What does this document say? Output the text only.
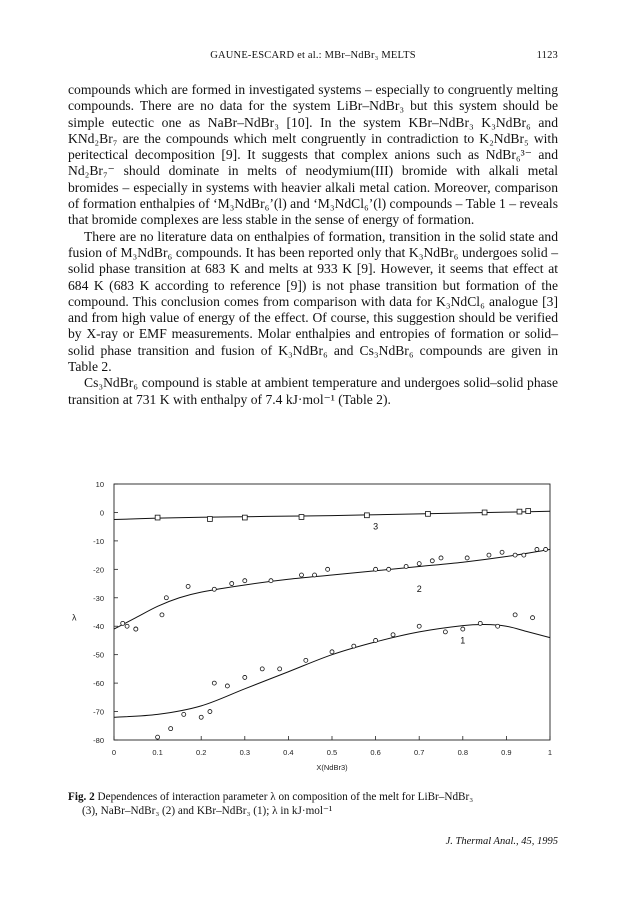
GAUNE-ESCARD et al.: MBr–NdBr₃ MELTS	1123

compounds which are formed in investigated systems – especially to congruently melting compounds. There are no data for the system LiBr–NdBr₃ but this system should be simple eutectic one as NaBr–NdBr₃ [10]. In the system KBr–NdBr₃ K₃NdBr₆ and KNd₂Br₇ are the compounds which melt congruently in contradiction to K₂NdBr₅ with peritectical decomposition [9]. It suggests that complex anions such as NdBr₆³⁻ and Nd₂Br₇⁻ should dominate in melts of neodymium(III) bromide with alkali metal bromides – especially in systems with heavier alkali metal cation. Moreover, comparison of formation enthalpies of ‘M₃NdBr₆’(l) and ‘M₃NdCl₆’(l) compounds – Table 1 – reveals that bromide complexes are less stable in the sense of energy of formation.

There are no literature data on enthalpies of formation, transition in the solid state and fusion of M₃NdBr₆ compounds. It has been reported only that K₃NdBr₆ undergoes solid –solid phase transition at 683 K and melts at 933 K [9]. However, it seems that effect at 684 K (683 K according to reference [9]) is not phase transition but formation of the compound. This conclusion comes from comparison with data for K₃NdCl₆ analogue [3] and from high value of energy of the effect. Of course, this suggestion should be verified by X-ray or EMF measurements. Molar enthalpies and entropies of formation or solid–solid phase transition and fusion of K₃NdBr₆ and Cs₃NdBr₆ compounds are given in Table 2.

Cs₃NdBr₆ compound is stable at ambient temperature and undergoes solid–solid phase transition at 731 K with enthalpy of 7.4 kJ·mol⁻¹ (Table 2).

10
0
-10
-20
-30
-40
-50
-60
-70
-80
0	0.1	0.2	0.3	0.4	0.5	0.6	0.7	0.8	0.9	1
X(NdBr3)
λ
3
2
1
Fig. 2 Dependences of interaction parameter λ on composition of the melt for LiBr–NdBr₃
(3), NaBr–NdBr₃ (2) and KBr–NdBr₃ (1); λ in kJ·mol⁻¹
J. Thermal Anal., 45, 1995
